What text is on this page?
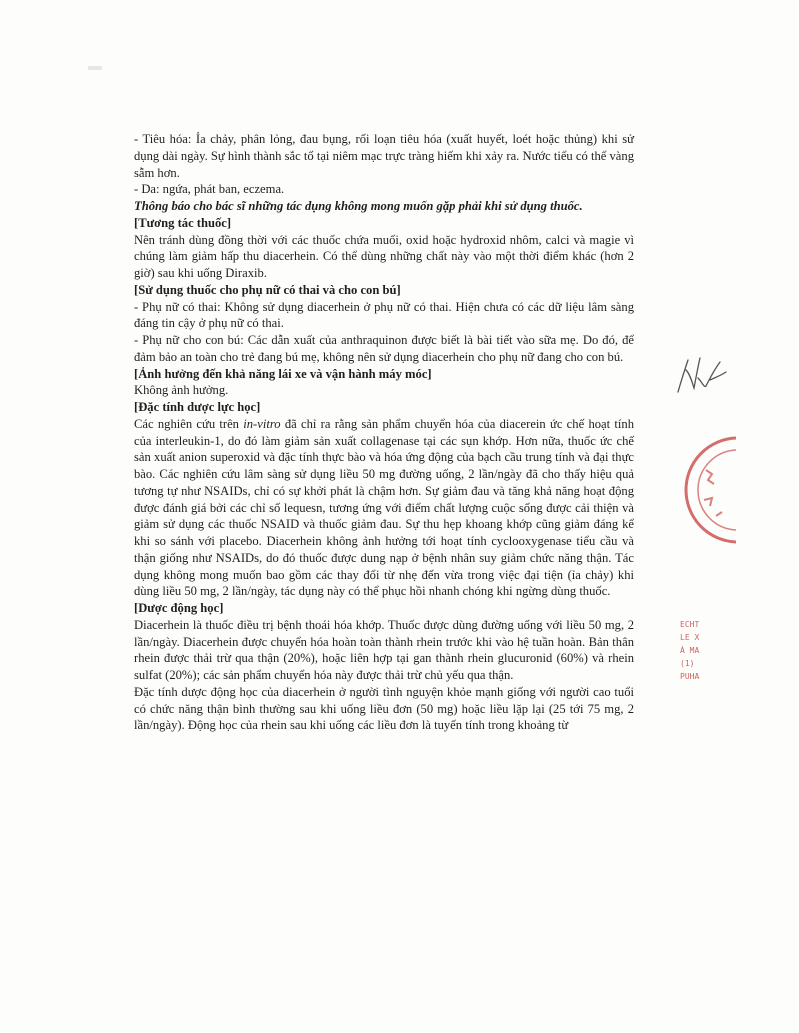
- Tiêu hóa: Ỉa chảy, phân lỏng, đau bụng, rối loạn tiêu hóa (xuất huyết, loét hoặc thủng) khi sử dụng dài ngày. Sự hình thành sắc tố tại niêm mạc trực tràng hiếm khi xảy ra. Nước tiểu có thể vàng sẫm hơn.

- Da: ngứa, phát ban, eczema.

Thông báo cho bác sĩ những tác dụng không mong muốn gặp phải khi sử dụng thuốc.

[Tương tác thuốc]

Nên tránh dùng đồng thời với các thuốc chứa muối, oxid hoặc hydroxid nhôm, calci và magie vì chúng làm giảm hấp thu diacerhein. Có thể dùng những chất này vào một thời điểm khác (hơn 2 giờ) sau khi uống Diraxib.

[Sử dụng thuốc cho phụ nữ có thai và cho con bú]

- Phụ nữ có thai: Không sử dụng diacerhein ở phụ nữ có thai. Hiện chưa có các dữ liệu lâm sàng đáng tin cậy ở phụ nữ có thai.

- Phụ nữ cho con bú: Các dẫn xuất của anthraquinon được biết là bài tiết vào sữa mẹ. Do đó, để đảm bảo an toàn cho trẻ đang bú mẹ, không nên sử dụng diacerhein cho phụ nữ đang cho con bú.

[Ảnh hưởng đến khả năng lái xe và vận hành máy móc]

Không ảnh hưởng.

[Đặc tính dược lực học]

Các nghiên cứu trên in-vitro đã chỉ ra rằng sản phẩm chuyển hóa của diacerein ức chế hoạt tính của interleukin-1, do đó làm giảm sản xuất collagenase tại các sụn khớp. Hơn nữa, thuốc ức chế sản xuất anion superoxid và đặc tính thực bào và hóa ứng động của bạch cầu trung tính và đại thực bào. Các nghiên cứu lâm sàng sử dụng liều 50 mg đường uống, 2 lần/ngày đã cho thấy hiệu quả tương tự như NSAIDs, chỉ có sự khởi phát là chậm hơn. Sự giảm đau và tăng khả năng hoạt động được đánh giá bởi các chỉ số lequesn, tương ứng với điểm chất lượng cuộc sống được cải thiện và giảm sử dụng các thuốc NSAID và thuốc giảm đau. Sự thu hẹp khoang khớp cũng giảm đáng kể khi so sánh với placebo. Diacerhein không ảnh hưởng tới hoạt tính cyclooxygenase tiểu cầu và thận giống như NSAIDs, do đó thuốc được dung nạp ở bệnh nhân suy giảm chức năng thận. Tác dụng không mong muốn bao gồm các thay đổi từ nhẹ đến vừa trong việc đại tiện (ỉa chảy) khi dùng liều 50 mg, 2 lần/ngày, tác dụng này có thể phục hồi nhanh chóng khi ngừng dùng thuốc.

[Dược động học]

Diacerhein là thuốc điều trị bệnh thoái hóa khớp. Thuốc được dùng đường uống với liều 50 mg, 2 lần/ngày. Diacerhein được chuyển hóa hoàn toàn thành rhein trước khi vào hệ tuần hoàn. Bản thân rhein được thải trừ qua thận (20%), hoặc liên hợp tại gan thành rhein glucuronid (60%) và rhein sulfat (20%); các sản phẩm chuyển hóa này được thải trừ chủ yếu qua thận.

Đặc tính dược động học của diacerhein ở người tình nguyện khỏe mạnh giống với người cao tuổi có chức năng thận bình thường sau khi uống liều đơn (50 mg) hoặc liều lặp lại (25 tới 75 mg, 2 lần/ngày). Động học của rhein sau khi uống các liều đơn là tuyến tính trong khoảng từ

ECHT
LE X
À MA
(1)
PUHA
